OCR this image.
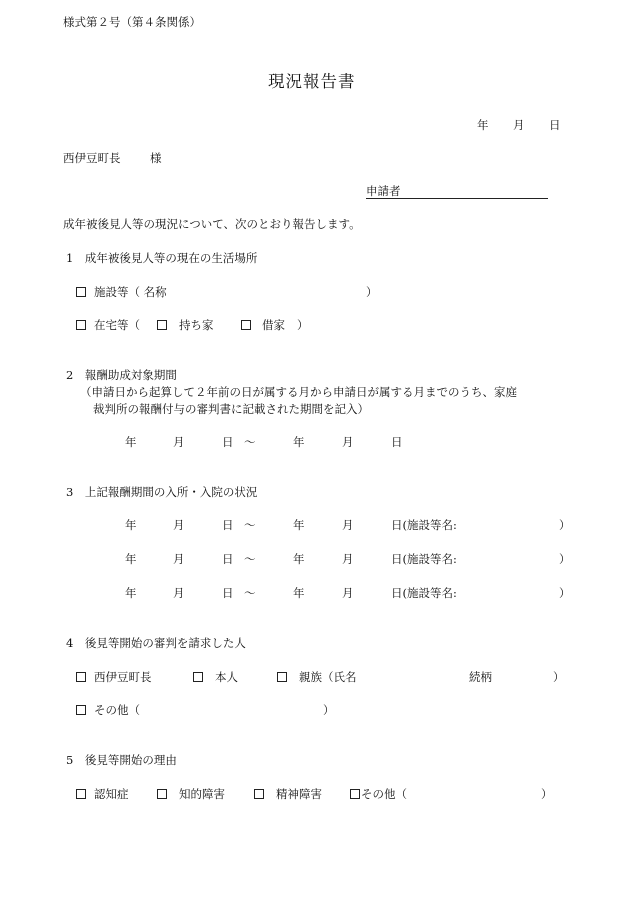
様式第２号（第４条関係）
現況報告書
年 月 日
西伊豆町長	様
申請者
成年被後見人等の現況について、次のとおり報告します。
1　成年被後見人等の現在の生活場所
施設等（ 名称	）
在宅等（	持ち家	借家 ）
2　報酬助成対象期間
（申請日から起算して２年前の日が属する月から申請日が属する月までのうち、家庭
裁判所の報酬付与の審判書に記載された期間を記入）
年	月	日 ～	年	月	日
3　上記報酬期間の入所・入院の状況
年	月	日 ～	年	月	日(施設等名:	）
年	月	日 ～	年	月	日(施設等名:	）
年	月	日 ～	年	月	日(施設等名:	）
4　後見等開始の審判を請求した人
西伊豆町長	本人	親族（氏名	続柄	）
その他（	）
5　後見等開始の理由
認知症	知的障害	精神障害	その他（	）
